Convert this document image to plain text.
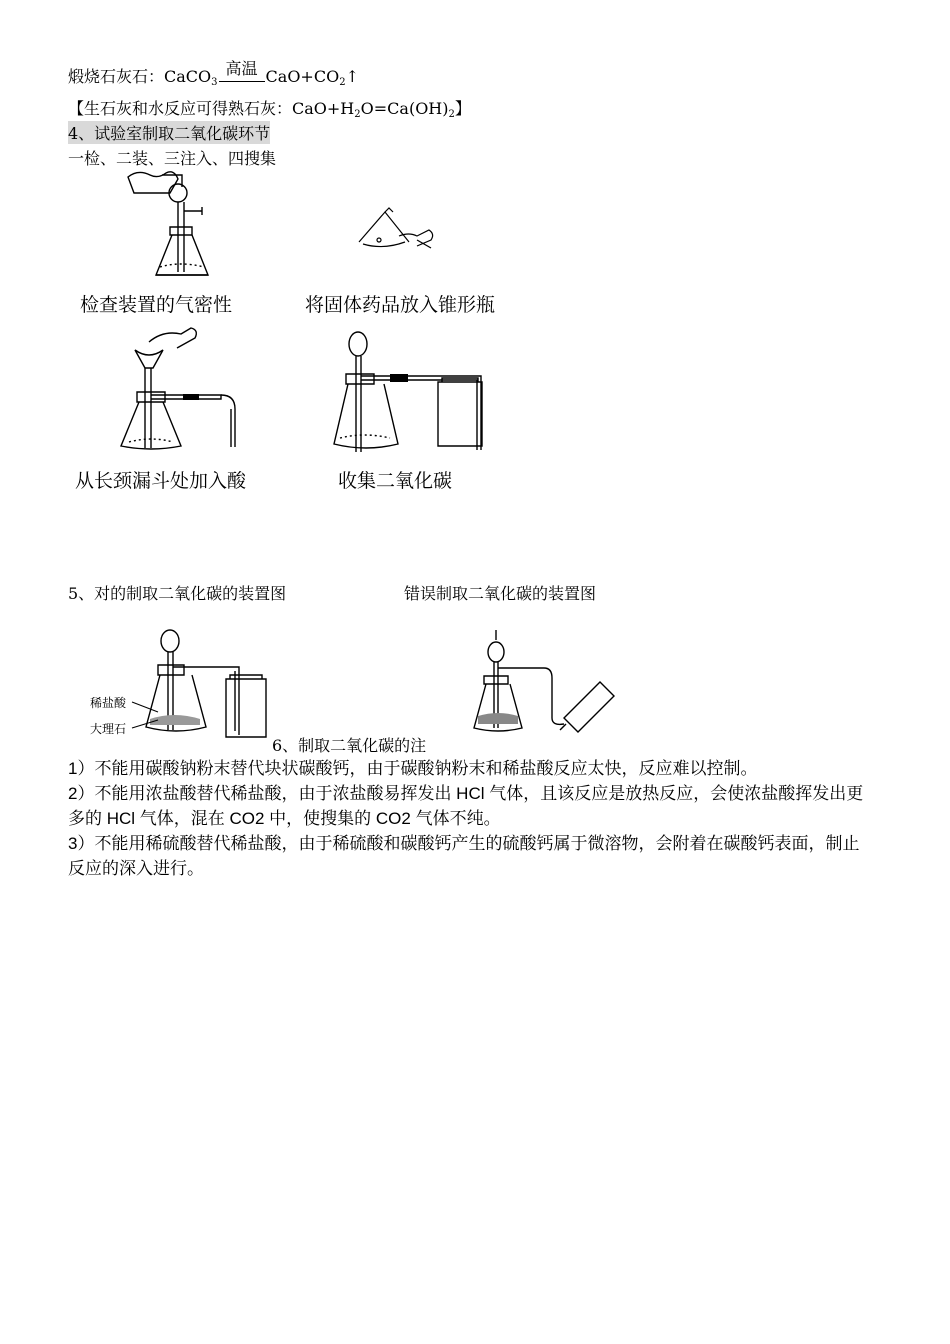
煅烧石灰石：CaCO$_3$
高温 $CaO+CO_2↑$
【生石灰和水反应可得熟石灰：$CaO+H_2O=Ca(OH)_2$】
4、试验室制取二氧化碳环节
一检、二装、三注入、四搜集
检查装置的气密性	将固体药品放入锥形瓶
从长颈漏斗处加入酸	收集二氧化碳
5、对的制取二氧化碳的装置图	错误制取二氧化碳的装置图
稀盐酸
大理石
6、制取二氧化碳的注
1）不能用碳酸钠粉末替代块状碳酸钙，由于碳酸钠粉末和稀盐酸反应太快，反应难以控制。
2）不能用浓盐酸替代稀盐酸，由于浓盐酸易挥发出 HCl 气体，且该反应是放热反应，会使浓盐酸挥发出更多的 HCl 气体，混在 CO2 中，使搜集的 CO2 气体不纯。
3）不能用稀硫酸替代稀盐酸，由于稀硫酸和碳酸钙产生的硫酸钙属于微溶物，会附着在碳酸钙表面，制止反应的深入进行。
